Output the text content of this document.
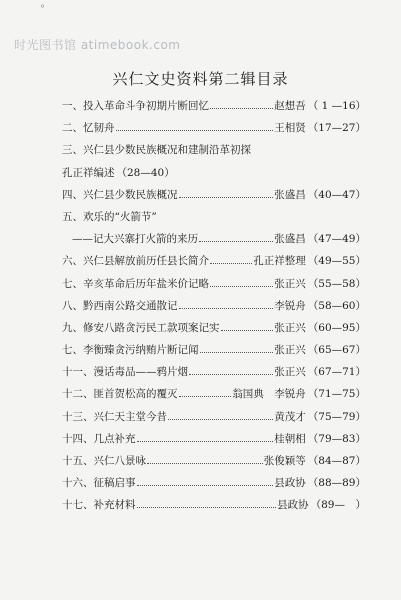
°
时光图书馆 atimebook.com
兴仁文史资料第二辑目录
一、 投入革命斗争初期片断回忆	赵想吾 （ 1 —16）
二、 忆韧舟	王相贤 （17—27）
三、 兴仁县少数民族概况和建制沿革初探
孔正祥编述 （28—40）
四、 兴仁县少数民族概况	张盛昌 （40—47）
五、 欢乐的“火箭节”
—— 记大兴寨打火箭的来历	张盛昌 （47—49）
六、 兴仁县解放前历任县长简介	孔正祥整理 （49—55）
七、 辛亥革命后历年盐米价记略	张正兴 （55—58）
八、 黔西南公路交通散记	李锐舟 （58—60）
九、 修安八路贪污民工款项案记实	张正兴 （60—95）
七、 李衡臻贪污纳贿片断记闻	张正兴 （65—67）
十一、 漫话毒品——鸦片烟	张正兴 （67—71）
十二、 匪首贺松高的覆灭	翁国典　李锐舟 （71—75）
十三、 兴仁天主堂今昔	黄茂才 （75—79）
十四、 几点补充	桂朝相 （79—83）
十五、 兴仁八景咏	张俊颖等 （84—87）
十六、 征稿启事	县政协 （88—89）
十七、 补充材料	县政协 （89—　）
